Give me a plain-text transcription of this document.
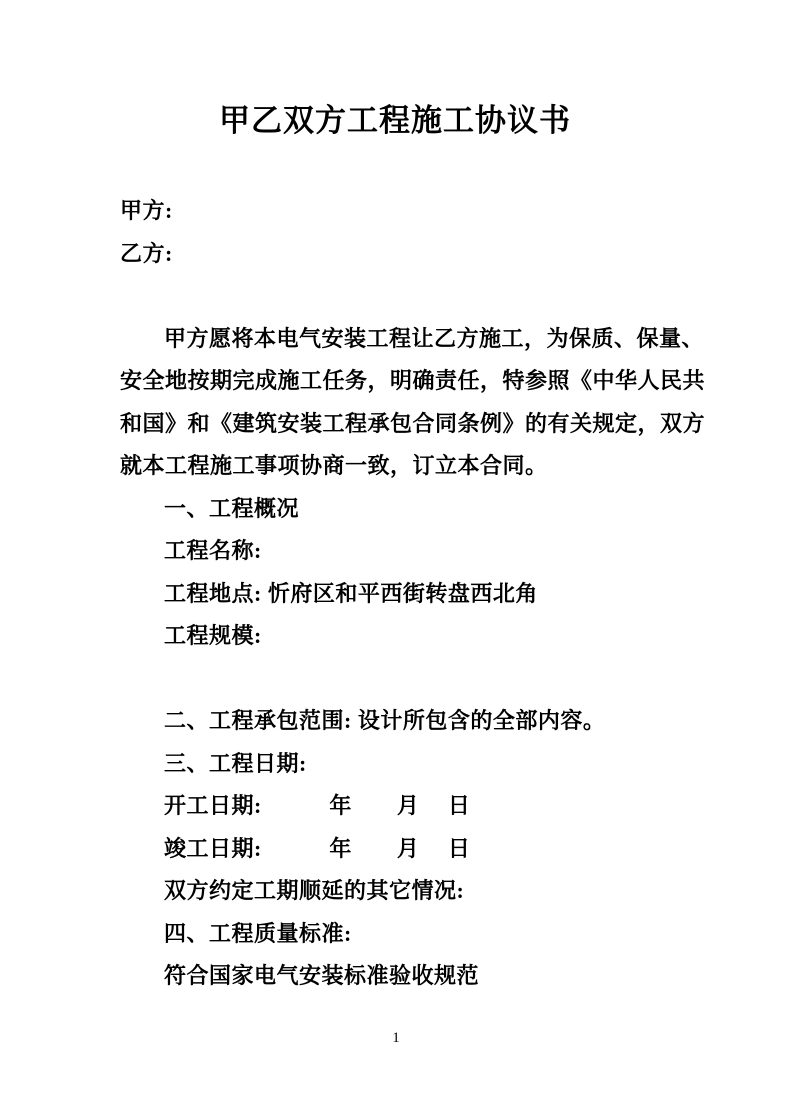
甲乙双方工程施工协议书
甲方:
乙方:

甲方愿将本电气安装工程让乙方施工，为保质、保量、
安全地按期完成施工任务，明确责任，特参照《中华人民共
和国》和《建筑安装工程承包合同条例》的有关规定，双方
就本工程施工事项协商一致，订立本合同。
一、工程概况
工程名称:
工程地点: 忻府区和平西街转盘西北角
工程规模:

二、工程承包范围: 设计所包含的全部内容。
三、工程日期:
开工日期:　　　年　　月　 日
竣工日期:　　　年　　月　 日
双方约定工期顺延的其它情况:
四、工程质量标准:
符合国家电气安装标准验收规范
1
